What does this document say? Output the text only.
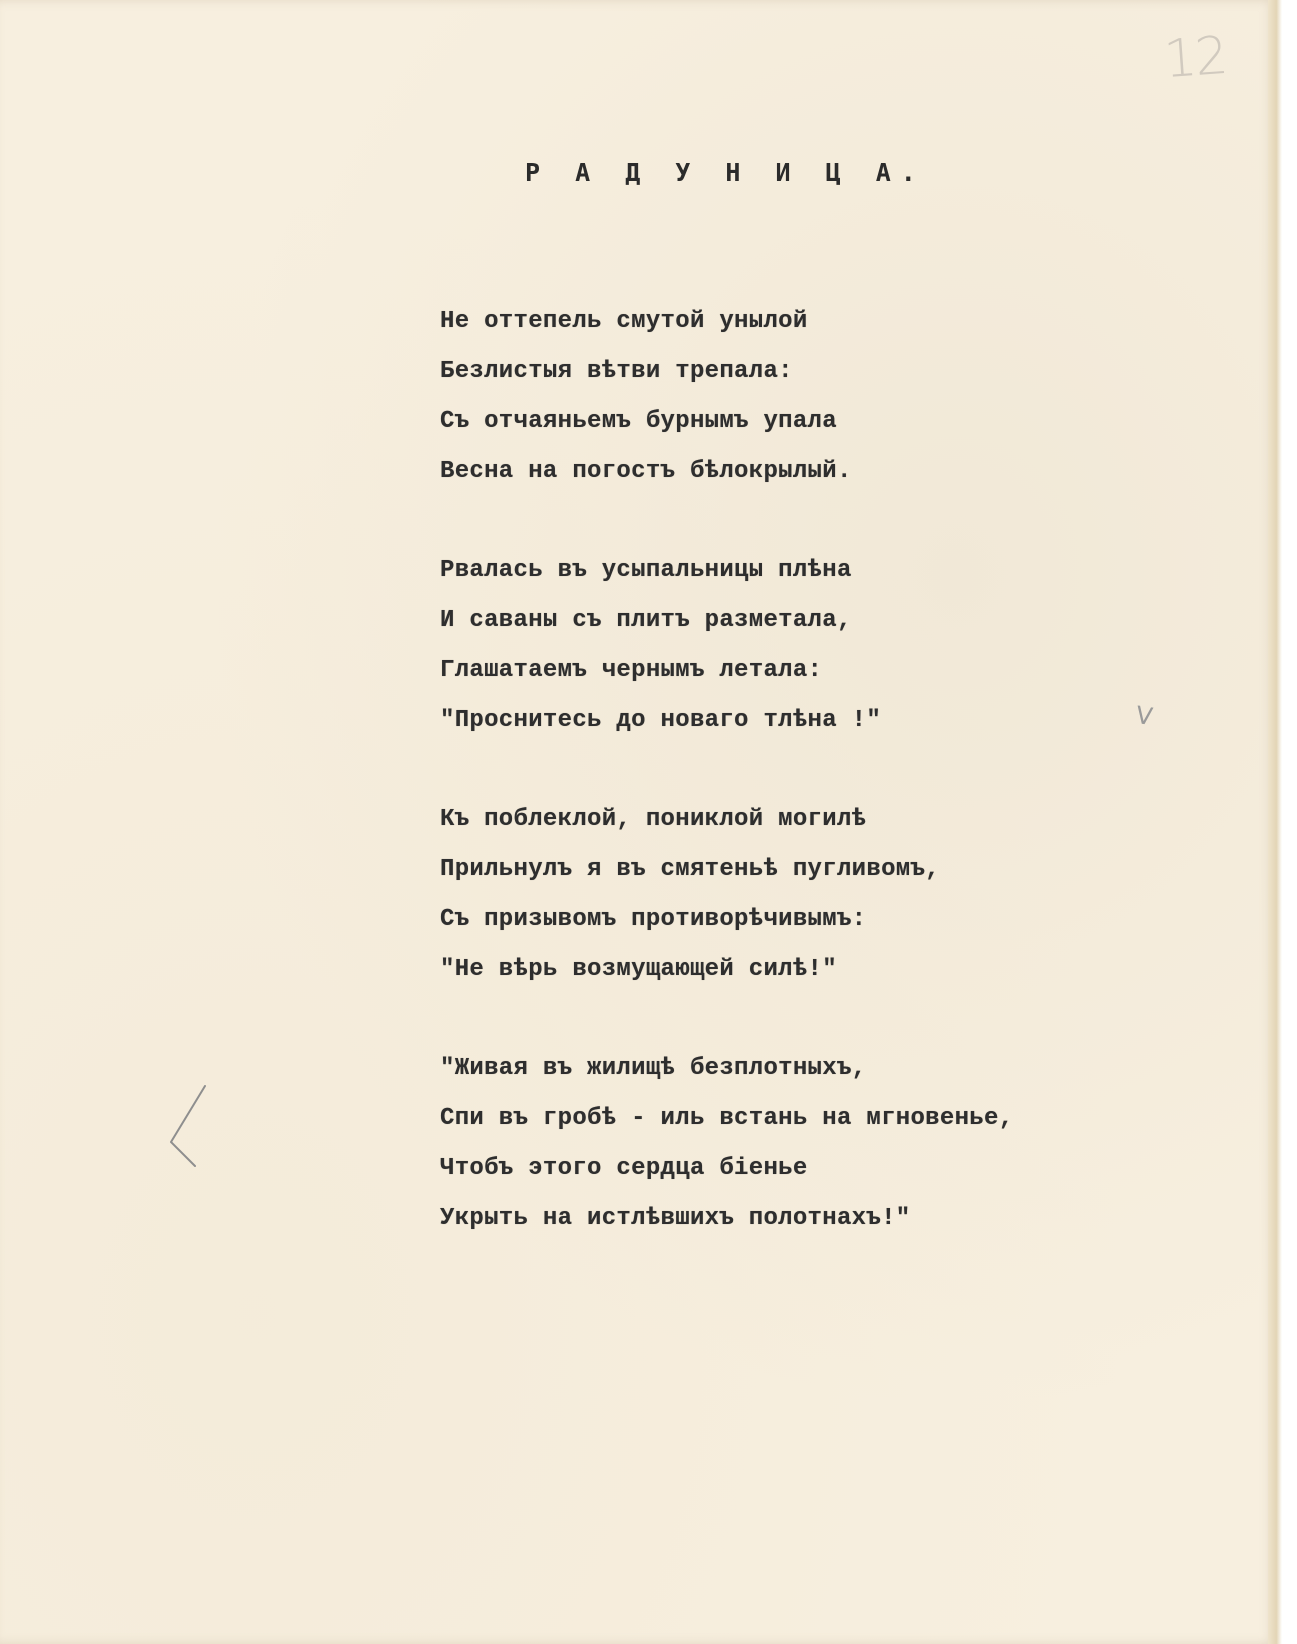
12
Р А Д У Н И Ц А.
Не оттепель смутой унылой
Безлистыя вѣтви трепала:
Съ отчаяньемъ бурнымъ упала
Весна на погостъ бѣлокрылый.
Рвалась въ усыпальницы плѣна
И саваны съ плитъ разметала,
Глашатаемъ чернымъ летала:
"Проснитесь до новаго тлѣна !"
Къ поблеклой, пониклой могилѣ
Прильнулъ я въ смятеньѣ пугливомъ,
Съ призывомъ противорѣчивымъ:
"Не вѣрь возмущающей силѣ!"
"Живая въ жилищѣ безплотныхъ,
Спи въ гробѣ - иль встань на мгновенье,
Чтобъ этого сердца біенье
Укрыть на истлѣвшихъ полотнахъ!"
V
